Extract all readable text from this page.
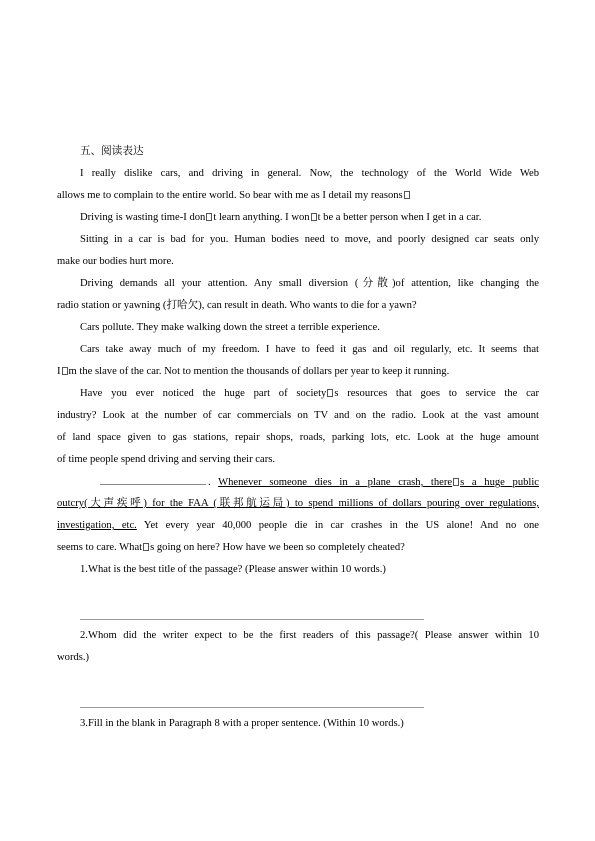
五、阅读表达
I really dislike cars, and driving in general. Now, the technology of the World Wide Web
allows me to complain to the entire world. So bear with me as I detail my reasons
Driving is wasting time-I don t learn anything. I won t be a better person when I get in a car.
Sitting in a car is bad for you. Human bodies need to move, and poorly designed car seats only
make our bodies hurt more.
Driving demands all your attention. Any small diversion (分散)of attention, like changing the
radio station or yawning (打哈欠), can result in death. Who wants to die for a yawn?
Cars pollute. They make walking down the street a terrible experience.
Cars take away much of my freedom. I have to feed it gas and oil regularly, etc. It seems that
I m the slave of the car. Not to mention the thousands of dollars per year to keep it running.
Have you ever noticed the huge part of society s resources that goes to service the car
industry? Look at the number of car commercials on TV and on the radio. Look at the vast amount
of land space given to gas stations, repair shops, roads, parking lots, etc. Look at the huge amount
of time people spend driving and serving their cars.
. Whenever someone dies in a plane crash, there s a huge public
outcry(大声疾呼) for the FAA (联邦航运局) to spend millions of dollars pouring over regulations,
investigation, etc. Yet every year 40,000 people die in car crashes in the US alone! And no one
seems to care. What s going on here? How have we been so completely cheated?
1.What is the best title of the passage? (Please answer within 10 words.)
2.Whom did the writer expect to be the first readers of this passage?( Please answer within 10
words.)
3.Fill in the blank in Paragraph 8 with a proper sentence. (Within 10 words.)
